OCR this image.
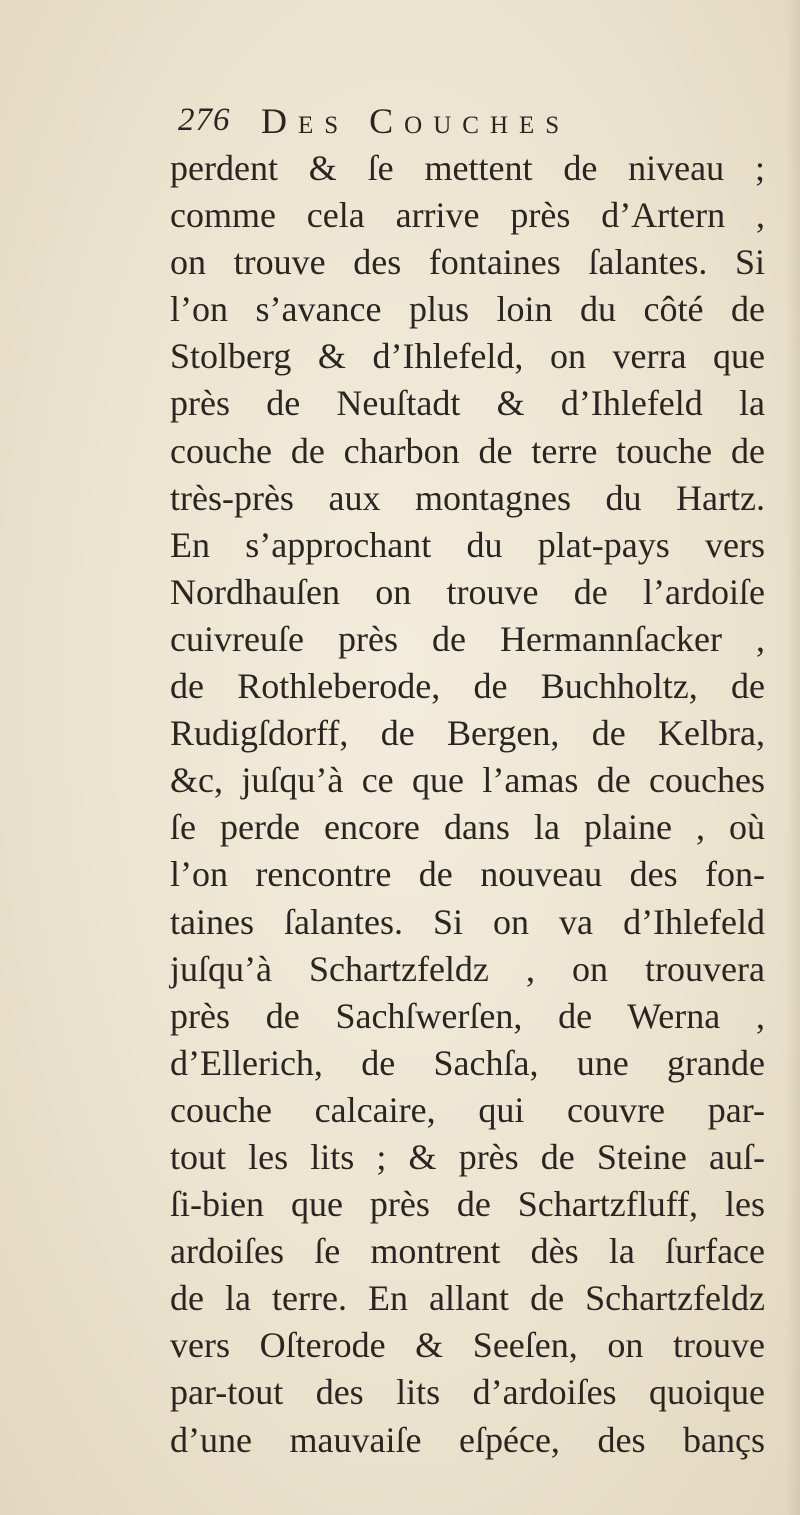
276 Des Couches
perdent & ſe mettent de niveau ;
comme cela arrive près d’Artern ,
on trouve des fontaines ſalantes. Si
l’on s’avance plus loin du côté de
Stolberg & d’Ihlefeld, on verra que
près de Neuſtadt & d’Ihlefeld la
couche de charbon de terre touche de
très-près aux montagnes du Hartz.
En s’approchant du plat-pays vers
Nordhauſen on trouve de l’ardoiſe
cuivreuſe près de Hermannſacker ,
de Rothleberode, de Buchholtz, de
Rudigſdorff, de Bergen, de Kelbra,
&c, juſqu’à ce que l’amas de couches
ſe perde encore dans la plaine , où
l’on rencontre de nouveau des fon-
taines ſalantes. Si on va d’Ihlefeld
juſqu’à Schartzfeldz , on trouvera
près de Sachſwerſen, de Werna ,
d’Ellerich, de Sachſa, une grande
couche calcaire, qui couvre par-
tout les lits ; & près de Steine auſ-
ſi-bien que près de Schartzfluff, les
ardoiſes ſe montrent dès la ſurface
de la terre. En allant de Schartzfeldz
vers Oſterode & Seeſen, on trouve
par-tout des lits d’ardoiſes quoique
d’une mauvaiſe eſpéce, des bançs
